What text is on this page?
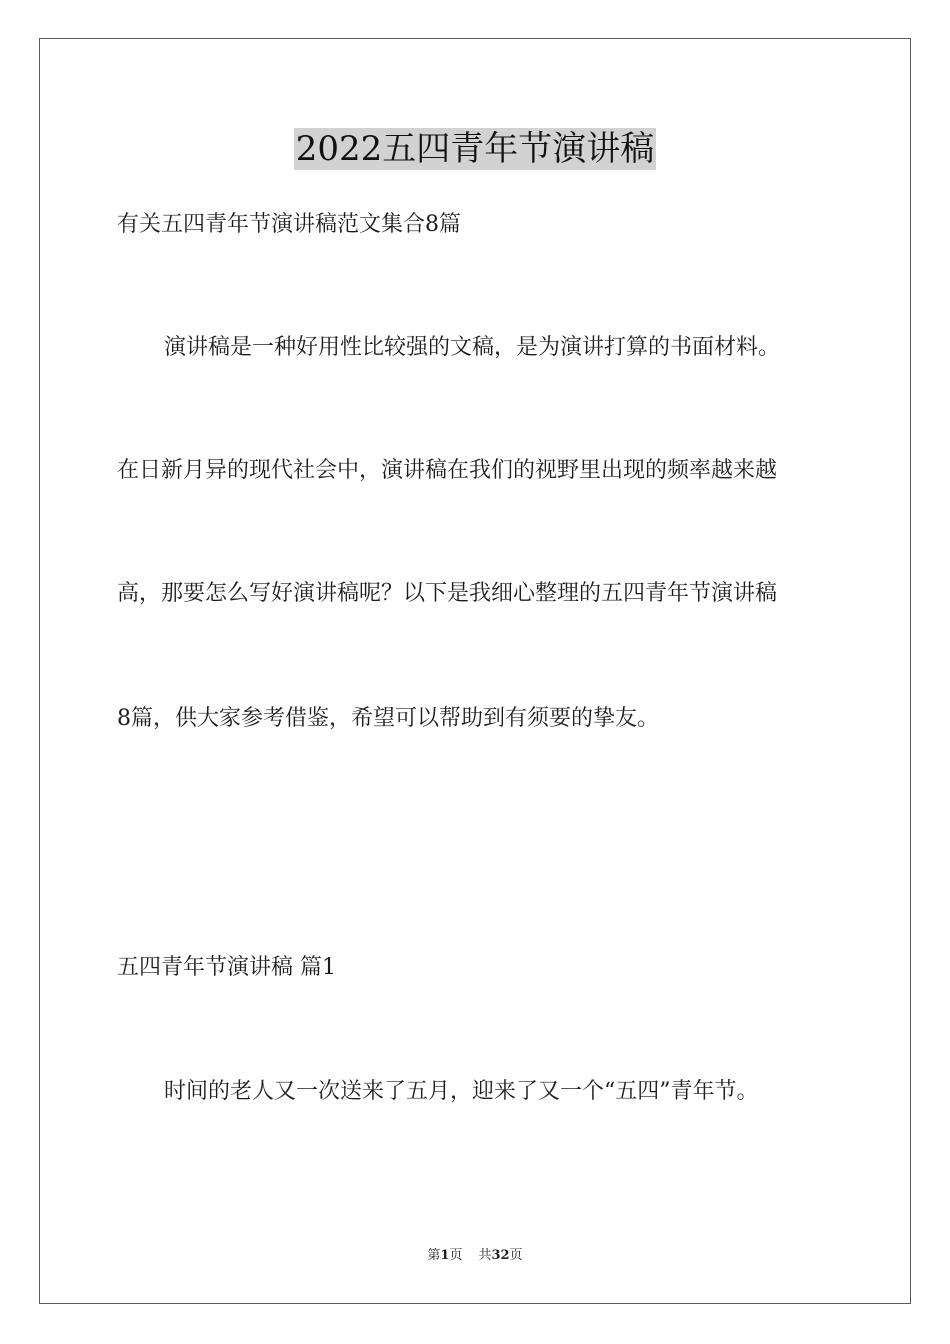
2022五四青年节演讲稿
有关五四青年节演讲稿范文集合8篇
演讲稿是一种好用性比较强的文稿，是为演讲打算的书面材料。
在日新月异的现代社会中，演讲稿在我们的视野里出现的频率越来越
高，那要怎么写好演讲稿呢？以下是我细心整理的五四青年节演讲稿
8篇，供大家参考借鉴，希望可以帮助到有须要的挚友。
五四青年节演讲稿 篇1
时间的老人又一次送来了五月，迎来了又一个“五四”青年节。
第1页 共32页
